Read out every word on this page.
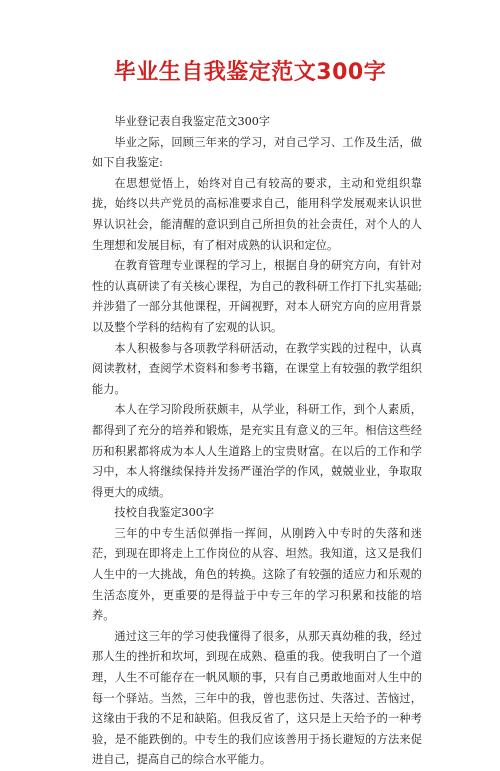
毕业生自我鉴定范文300字

毕业登记表自我鉴定范文300字

毕业之际，回顾三年来的学习，对自己学习、工作及生活，做如下自我鉴定:

在思想觉悟上，始终对自己有较高的要求，主动和党组织靠拢，始终以共产党员的高标准要求自己，能用科学发展观来认识世界认识社会，能清醒的意识到自己所担负的社会责任，对个人的人生理想和发展目标，有了相对成熟的认识和定位。

在教育管理专业课程的学习上，根据自身的研究方向，有针对性的认真研读了有关核心课程，为自己的教科研工作打下扎实基础;并涉猎了一部分其他课程，开阔视野，对本人研究方向的应用背景以及整个学科的结构有了宏观的认识。

本人积极参与各项教学科研活动，在教学实践的过程中，认真阅读教材，查阅学术资料和参考书籍，在课堂上有较强的教学组织能力。

本人在学习阶段所获颇丰，从学业，科研工作，到个人素质，都得到了充分的培养和锻炼，是充实且有意义的三年。相信这些经历和积累都将成为本人人生道路上的宝贵财富。在以后的工作和学习中，本人将继续保持并发扬严谨治学的作风，兢兢业业，争取取得更大的成绩。

技校自我鉴定300字

三年的中专生活似弹指一挥间，从刚跨入中专时的失落和迷茫，到现在即将走上工作岗位的从容、坦然。我知道，这又是我们人生中的一大挑战，角色的转换。这除了有较强的适应力和乐观的生活态度外，更重要的是得益于中专三年的学习积累和技能的培养。

通过这三年的学习使我懂得了很多，从那天真幼稚的我，经过那人生的挫折和坎坷，到现在成熟、稳重的我。使我明白了一个道理，人生不可能存在一帆风顺的事，只有自己勇敢地面对人生中的每一个驿站。当然，三年中的我，曾也悲伤过、失落过、苦恼过，这缘由于我的不足和缺陷。但我反省了，这只是上天给予的一种考验，是不能跌倒的。中专生的我们应该善用于扬长避短的方法来促进自己，提高自己的综合水平能力。
